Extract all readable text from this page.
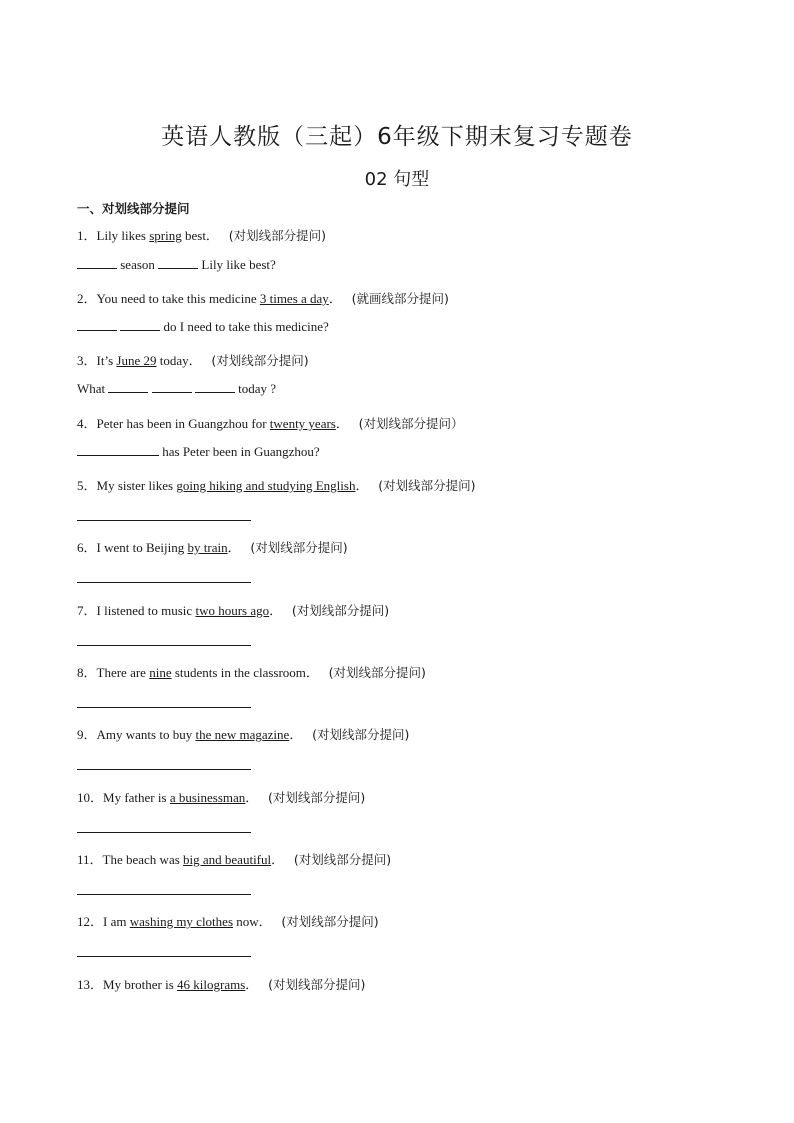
英语人教版（三起）6年级下期末复习专题卷
02 句型
一、对划线部分提问
1．Lily likes spring best． (对划线部分提问)
season	Lily like best?
2．You need to take this medicine 3 times a day． (就画线部分提问)
do I need to take this medicine?
3．It’s June 29 today． (对划线部分提问)
What	today ?
4．Peter has been in Guangzhou for twenty years． (对划线部分提问）
has Peter been in Guangzhou?
5．My sister likes going hiking and studying English． (对划线部分提问)
6．I went to Beijing by train． (对划线部分提问)
7．I listened to music two hours ago． (对划线部分提问)
8．There are nine students in the classroom． (对划线部分提问)
9．Amy wants to buy the new magazine． (对划线部分提问)
10．My father is a businessman． (对划线部分提问)
11．The beach was big and beautiful． (对划线部分提问)
12．I am washing my clothes now． (对划线部分提问)
13．My brother is 46 kilograms． (对划线部分提问)
